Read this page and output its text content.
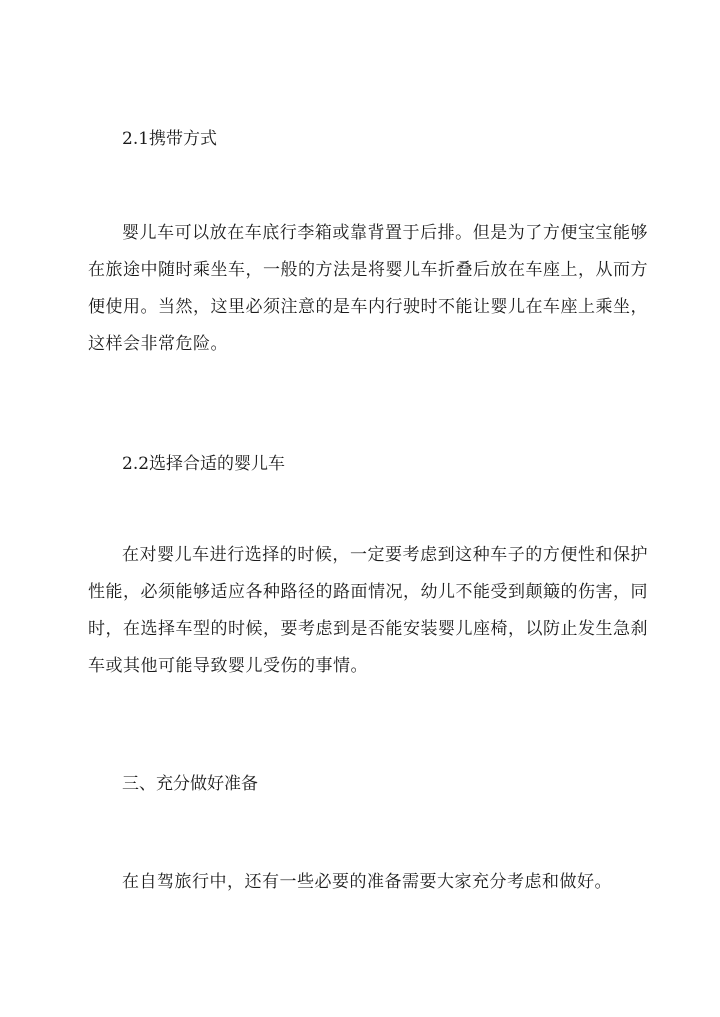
2.1携带方式
婴儿车可以放在车底行李箱或靠背置于后排。但是为了方便宝宝能够在旅途中随时乘坐车，一般的方法是将婴儿车折叠后放在车座上，从而方便使用。当然，这里必须注意的是车内行驶时不能让婴儿在车座上乘坐，这样会非常危险。
2.2选择合适的婴儿车
在对婴儿车进行选择的时候，一定要考虑到这种车子的方便性和保护性能，必须能够适应各种路径的路面情况，幼儿不能受到颠簸的伤害，同时，在选择车型的时候，要考虑到是否能安装婴儿座椅，以防止发生急刹车或其他可能导致婴儿受伤的事情。
三、充分做好准备
在自驾旅行中，还有一些必要的准备需要大家充分考虑和做好。
